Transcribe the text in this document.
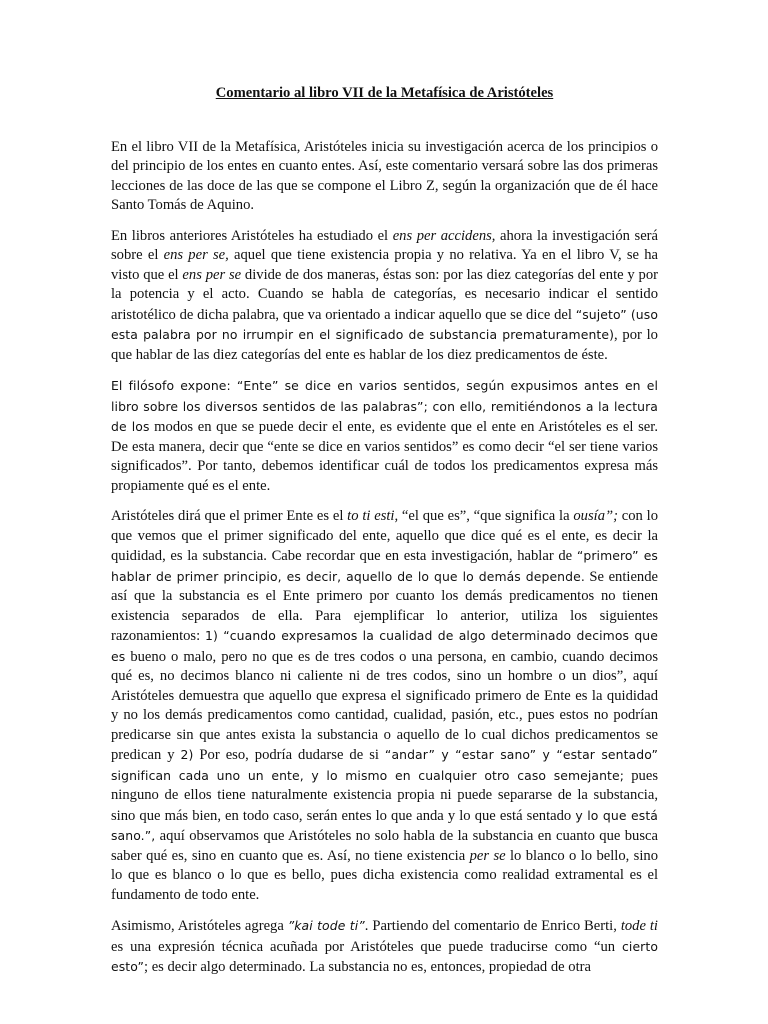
Comentario al libro VII de la Metafísica de Aristóteles

En el libro VII de la Metafísica, Aristóteles inicia su investigación acerca de los principios o del principio de los entes en cuanto entes. Así, este comentario versará sobre las dos primeras lecciones de las doce de las que se compone el Libro Z, según la organización que de él hace Santo Tomás de Aquino.

En libros anteriores Aristóteles ha estudiado el ens per accidens, ahora la investigación será sobre el ens per se, aquel que tiene existencia propia y no relativa. Ya en el libro V, se ha visto que el ens per se divide de dos maneras, éstas son: por las diez categorías del ente y por la potencia y el acto. Cuando se habla de categorías, es necesario indicar el sentido aristotélico de dicha palabra, que va orientado a indicar aquello que se dice del “sujeto” (uso esta palabra por no irrumpir en el significado de substancia prematuramente), por lo que hablar de las diez categorías del ente es hablar de los diez predicamentos de éste.

El filósofo expone: “Ente” se dice en varios sentidos, según expusimos antes en el libro sobre los diversos sentidos de las palabras”; con ello, remitiéndonos a la lectura de los modos en que se puede decir el ente, es evidente que el ente en Aristóteles es el ser. De esta manera, decir que “ente se dice en varios sentidos” es como decir “el ser tiene varios significados”. Por tanto, debemos identificar cuál de todos los predicamentos expresa más propiamente qué es el ente.

Aristóteles dirá que el primer Ente es el to ti esti, “el que es”, “que significa la ousía”; con lo que vemos que el primer significado del ente, aquello que dice qué es el ente, es decir la quididad, es la substancia. Cabe recordar que en esta investigación, hablar de “primero” es hablar de primer principio, es decir, aquello de lo que lo demás depende. Se entiende así que la substancia es el Ente primero por cuanto los demás predicamentos no tienen existencia separados de ella. Para ejemplificar lo anterior, utiliza los siguientes razonamientos: 1) “cuando expresamos la cualidad de algo determinado decimos que es bueno o malo, pero no que es de tres codos o una persona, en cambio, cuando decimos qué es, no decimos blanco ni caliente ni de tres codos, sino un hombre o un dios”, aquí Aristóteles demuestra que aquello que expresa el significado primero de Ente es la quididad y no los demás predicamentos como cantidad, cualidad, pasión, etc., pues estos no podrían predicarse sin que antes exista la substancia o aquello de lo cual dichos predicamentos se predican y 2) Por eso, podría dudarse de si “andar” y “estar sano” y “estar sentado” significan cada uno un ente, y lo mismo en cualquier otro caso semejante; pues ninguno de ellos tiene naturalmente existencia propia ni puede separarse de la substancia, sino que más bien, en todo caso, serán entes lo que anda y lo que está sentado y lo que está sano.”, aquí observamos que Aristóteles no solo habla de la substancia en cuanto que busca saber qué es, sino en cuanto que es. Así, no tiene existencia per se lo blanco o lo bello, sino lo que es blanco o lo que es bello, pues dicha existencia como realidad extramental es el fundamento de todo ente.

Asimismo, Aristóteles agrega ”kai tode ti”. Partiendo del comentario de Enrico Berti, tode ti es una expresión técnica acuñada por Aristóteles que puede traducirse como “un cierto esto”; es decir algo determinado. La substancia no es, entonces, propiedad de otra
